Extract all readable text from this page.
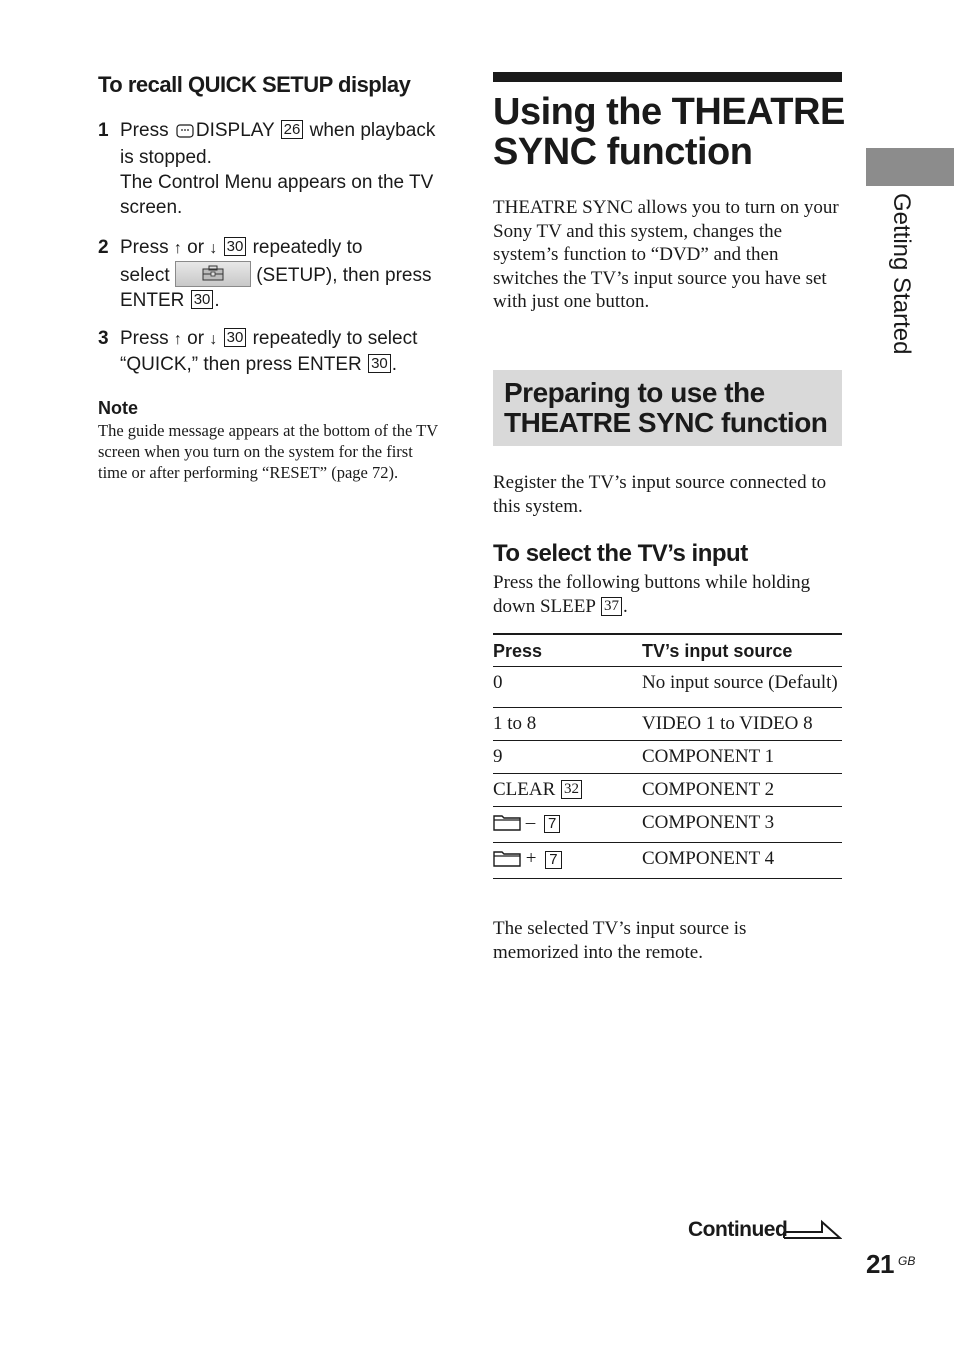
To recall QUICK SETUP display
1 Press DISPLAY 26 when playback
is stopped.
The Control Menu appears on the TV screen.
2 Press ↑ or ↓ 30 repeatedly to
select	(SETUP), then press
ENTER 30 .
3 Press ↑ or ↓ 30 repeatedly to select
“QUICK,” then press ENTER 30 .
Note
The guide message appears at the bottom of the TV screen when you turn on the system for the first time or after performing “RESET” (page 72).
Using the THEATRE SYNC function
THEATRE SYNC allows you to turn on your Sony TV and this system, changes the system’s function to “DVD” and then switches the TV’s input source you have set with just one button.
Preparing to use the THEATRE SYNC function
Register the TV’s input source connected to this system.
To select the TV’s input
Press the following buttons while holding down SLEEP 37 .
Press	TV’s input source
0	No input source (Default)
1 to 8	VIDEO 1 to VIDEO 8
9	COMPONENT 1
CLEAR 32	COMPONENT 2
– 7	COMPONENT 3
+ 7	COMPONENT 4
The selected TV’s input source is memorized into the remote.
Continued
21 GB
Getting Started
